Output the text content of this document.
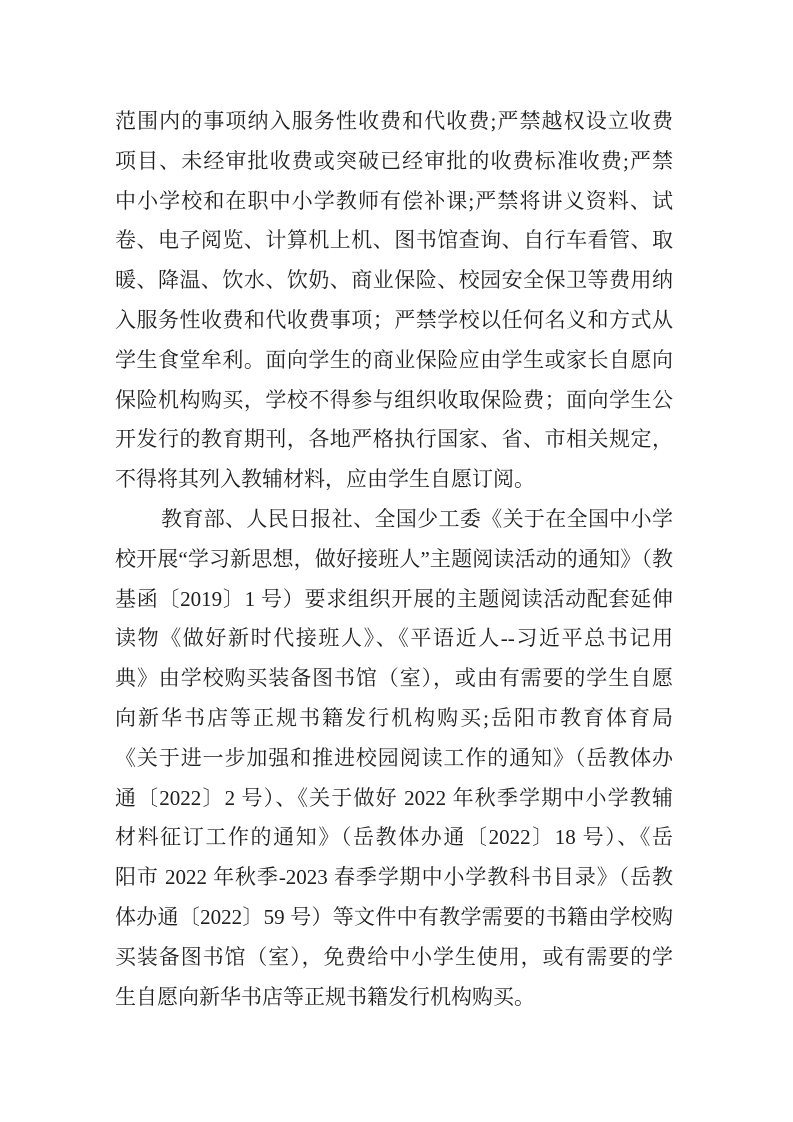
范围内的事项纳入服务性收费和代收费;严禁越权设立收费
项目、未经审批收费或突破已经审批的收费标准收费;严禁
中小学校和在职中小学教师有偿补课;严禁将讲义资料、试
卷、电子阅览、计算机上机、图书馆查询、自行车看管、取
暖、降温、饮水、饮奶、商业保险、校园安全保卫等费用纳
入服务性收费和代收费事项；严禁学校以任何名义和方式从
学生食堂牟利。面向学生的商业保险应由学生或家长自愿向
保险机构购买，学校不得参与组织收取保险费；面向学生公
开发行的教育期刊，各地严格执行国家、省、市相关规定，
不得将其列入教辅材料，应由学生自愿订阅。
教育部、人民日报社、全国少工委《关于在全国中小学
校开展“学习新思想，做好接班人”主题阅读活动的通知》（教
基函〔2019〕1 号）要求组织开展的主题阅读活动配套延伸
读物《做好新时代接班人》、《平语近人--习近平总书记用
典》由学校购买装备图书馆（室），或由有需要的学生自愿
向新华书店等正规书籍发行机构购买;岳阳市教育体育局
《关于进一步加强和推进校园阅读工作的通知》（岳教体办
通〔2022〕2 号）、《关于做好 2022 年秋季学期中小学教辅
材料征订工作的通知》（岳教体办通〔2022〕18 号）、《岳
阳市 2022 年秋季-2023 春季学期中小学教科书目录》（岳教
体办通〔2022〕59 号）等文件中有教学需要的书籍由学校购
买装备图书馆（室），免费给中小学生使用，或有需要的学
生自愿向新华书店等正规书籍发行机构购买。
